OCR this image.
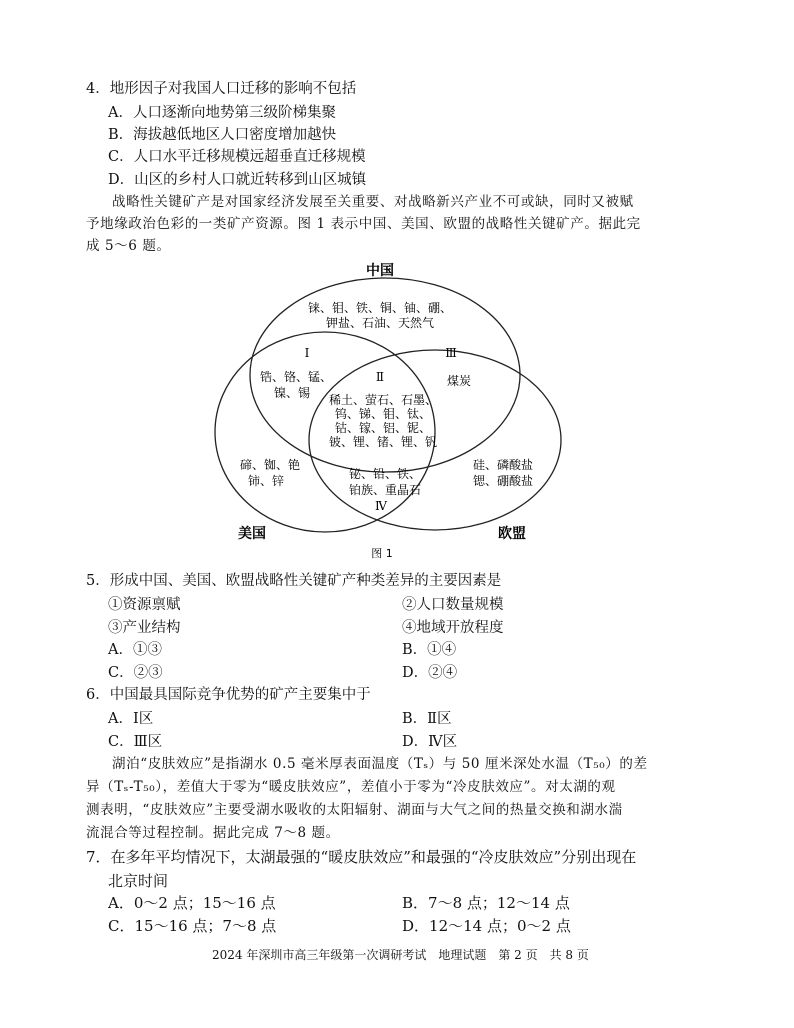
4．地形因子对我国人口迁移的影响不包括
A．人口逐渐向地势第三级阶梯集聚
B．海拔越低地区人口密度增加越快
C．人口水平迁移规模远超垂直迁移规模
D．山区的乡村人口就近转移到山区城镇
战略性关键矿产是对国家经济发展至关重要、对战略新兴产业不可或缺，同时又被赋
予地缘政治色彩的一类矿产资源。图 1 表示中国、美国、欧盟的战略性关键矿产。据此完
成 5～6 题。
中国
美国	欧盟
铼、钼、铁、铜、铀、硼、
钾盐、石油、天然气
Ⅰ
锆、铬、锰、
镍、锡
Ⅲ
煤炭
Ⅱ
稀土、萤石、石墨、
钨、锑、钼、钛、
钴、镓、铝、铌、
铍、锂、锗、锂、钒
碲、铷、铯
铈、锌	铋、铅、铁、
铂族、重晶石
Ⅳ
硅、磷酸盐
锶、硼酸盐
图 1
5．形成中国、美国、欧盟战略性关键矿产种类差异的主要因素是
①资源禀赋	②人口数量规模
③产业结构	④地域开放程度
A．①③	B．①④
C．②③	D．②④
6．中国最具国际竞争优势的矿产主要集中于
A．Ⅰ区	B．Ⅱ区
C．Ⅲ区	D．Ⅳ区
湖泊“皮肤效应”是指湖水 0.5 毫米厚表面温度（Tₛ）与 50 厘米深处水温（T₅₀）的差
异（Tₛ-T₅₀），差值大于零为“暖皮肤效应”，差值小于零为“冷皮肤效应”。对太湖的观
测表明，“皮肤效应”主要受湖水吸收的太阳辐射、湖面与大气之间的热量交换和湖水湍
流混合等过程控制。据此完成 7～8 题。
7．在多年平均情况下，太湖最强的“暖皮肤效应”和最强的“冷皮肤效应”分别出现在
北京时间
A．0～2 点；15～16 点	B．7～8 点；12～14 点
C．15～16 点；7～8 点	D．12～14 点；0～2 点
2024 年深圳市高三年级第一次调研考试　地理试题　第 2 页　共 8 页
